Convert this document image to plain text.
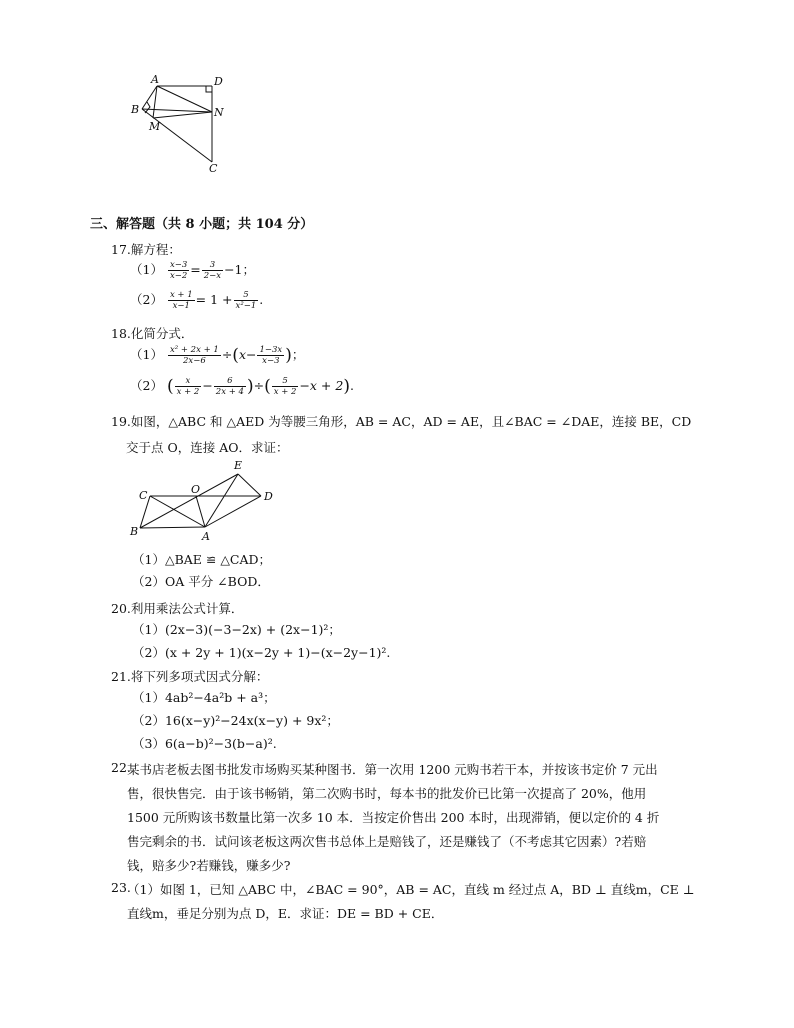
A	D
B	N
M
C
三、解答题（共 8 小题；共 104 分）
17.解方程：
$(1) \frac{x-3}{x-2} = \frac{3}{2-x} -1$；
$(2) \frac{x + 1}{x-1} = 1 + \frac{5}{\text{x²−1}}$ .
18.化简分式．
$(1) \frac{\text{x² + 2x + 1}}{2x-6} \div(x- \frac{1-3x}{x-3}$ )；
（2） ( $\frac{x}{x + 2} - \frac{6}{2x + 4}$ )÷( $\frac{5}{x + 2} -x + 2$).
19.如图，△ABC 和 △AED 为等腰三角形，AB = AC，AD = AE，且∠BAC = ∠DAE，连接 BE，CD
交于点 O，连接 AO．求证：
E
C	O
D
B	A
（1）△BAE ≌ △CAD；
（2）OA 平分 ∠BOD．
20.利用乘法公式计算．
（1）(2x−3)(−3−2x) + (2x−1)²；
（2）(x + 2y + 1)(x−2y + 1)−(x−2y−1)².
21.将下列多项式因式分解：
（1）4ab²−4a²b + a³；
（2）16(x−y)²−24x(x−y) + 9x²；
（3）6(a−b)²−3(b−a)².
22.
某书店老板去图书批发市场购买某种图书．第一次用 1200 元购书若干本，并按该书定价 7 元出
售，很快售完．由于该书畅销，第二次购书时，每本书的批发价已比第一次提高了 20%，他用
1500 元所购该书数量比第一次多 10 本．当按定价售出 200 本时，出现滞销，便以定价的 4 折
售完剩余的书．试问该老板这两次售书总体上是赔钱了，还是赚钱了（不考虑其它因素）?若赔
钱，赔多少?若赚钱，赚多少?
23.
（1）如图 1，已知 △ABC 中，∠BAC = 90°，AB = AC，直线 m 经过点 A，BD ⊥ 直线m，CE ⊥
直线m，垂足分别为点 D，E．求证：DE = BD + CE．
